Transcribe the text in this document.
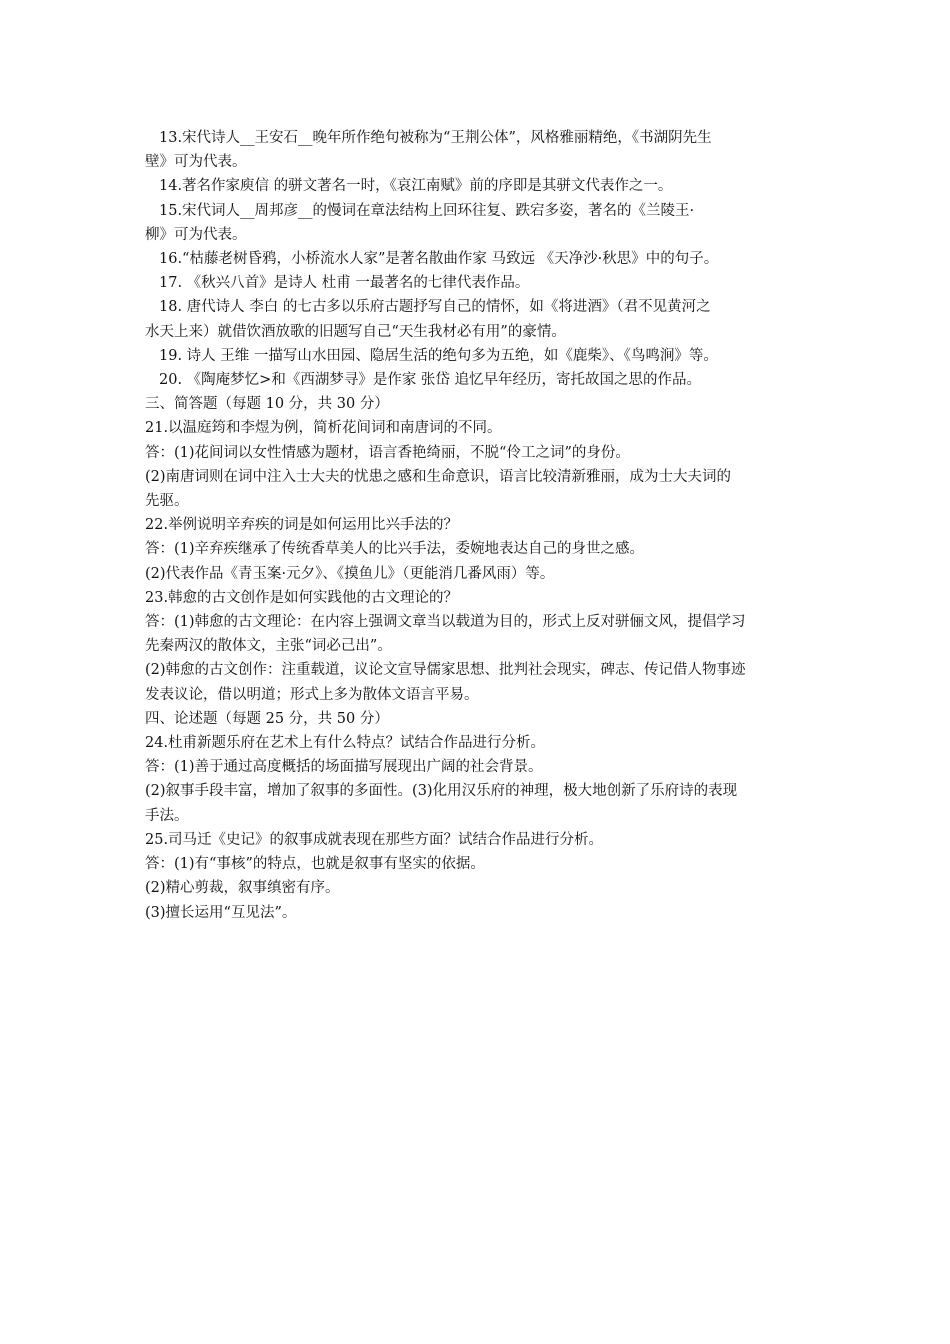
13.宋代诗人__王安石__晚年所作绝句被称为“王荆公体”，风格雅丽精绝，《书湖阴先生

壁》可为代表。

14.著名作家庾信 的骈文著名一时，《哀江南赋》前的序即是其骈文代表作之一。

15.宋代词人__周邦彦__的慢词在章法结构上回环往复、跌宕多姿，著名的《兰陵王·

柳》可为代表。

16.“枯藤老树昏鸦，小桥流水人家”是著名散曲作家 马致远 《天净沙·秋思》中的句子。

17. 《秋兴八首》是诗人 杜甫 一最著名的七律代表作品。

18. 唐代诗人 李白 的七古多以乐府古题抒写自己的情怀，如《将进酒》（君不见黄河之

水天上来）就借饮酒放歌的旧题写自己“天生我材必有用”的豪情。

19. 诗人 王维 一描写山水田园、隐居生活的绝句多为五绝，如《鹿柴》、《鸟鸣涧》等。

20. 《陶庵梦忆>和《西湖梦寻》是作家 张岱 追忆早年经历，寄托故国之思的作品。

三、简答题（每题 10 分，共 30 分）

21.以温庭筠和李煜为例，简析花间词和南唐词的不同。

答：(1)花间词以女性情感为题材，语言香艳绮丽，不脱“伶工之词”的身份。

(2)南唐词则在词中注入士大夫的忧患之感和生命意识，语言比较清新雅丽，成为士大夫词的

先驱。

22.举例说明辛弃疾的词是如何运用比兴手法的？

答：(1)辛弃疾继承了传统香草美人的比兴手法，委婉地表达自己的身世之感。

(2)代表作品《青玉案·元夕》、《摸鱼儿》（更能消几番风雨）等。

23.韩愈的古文创作是如何实践他的古文理论的？

答：(1)韩愈的古文理论：在内容上强调文章当以载道为目的，形式上反对骈俪文风，提倡学习

先秦两汉的散体文，主张“词必己出”。

(2)韩愈的古文创作：注重载道，议论文宣导儒家思想、批判社会现实，碑志、传记借人物事迹

发表议论，借以明道；形式上多为散体文语言平易。

四、论述题（每题 25 分，共 50 分）

24.杜甫新题乐府在艺术上有什么特点？试结合作品进行分析。

答：(1)善于通过高度概括的场面描写展现出广阔的社会背景。

(2)叙事手段丰富，增加了叙事的多面性。(3)化用汉乐府的神理，极大地创新了乐府诗的表现

手法。

25.司马迁《史记》的叙事成就表现在那些方面？试结合作品进行分析。

答：(1)有“事核”的特点，也就是叙事有坚实的依据。

(2)精心剪裁，叙事缜密有序。

(3)擅长运用“互见法”。
